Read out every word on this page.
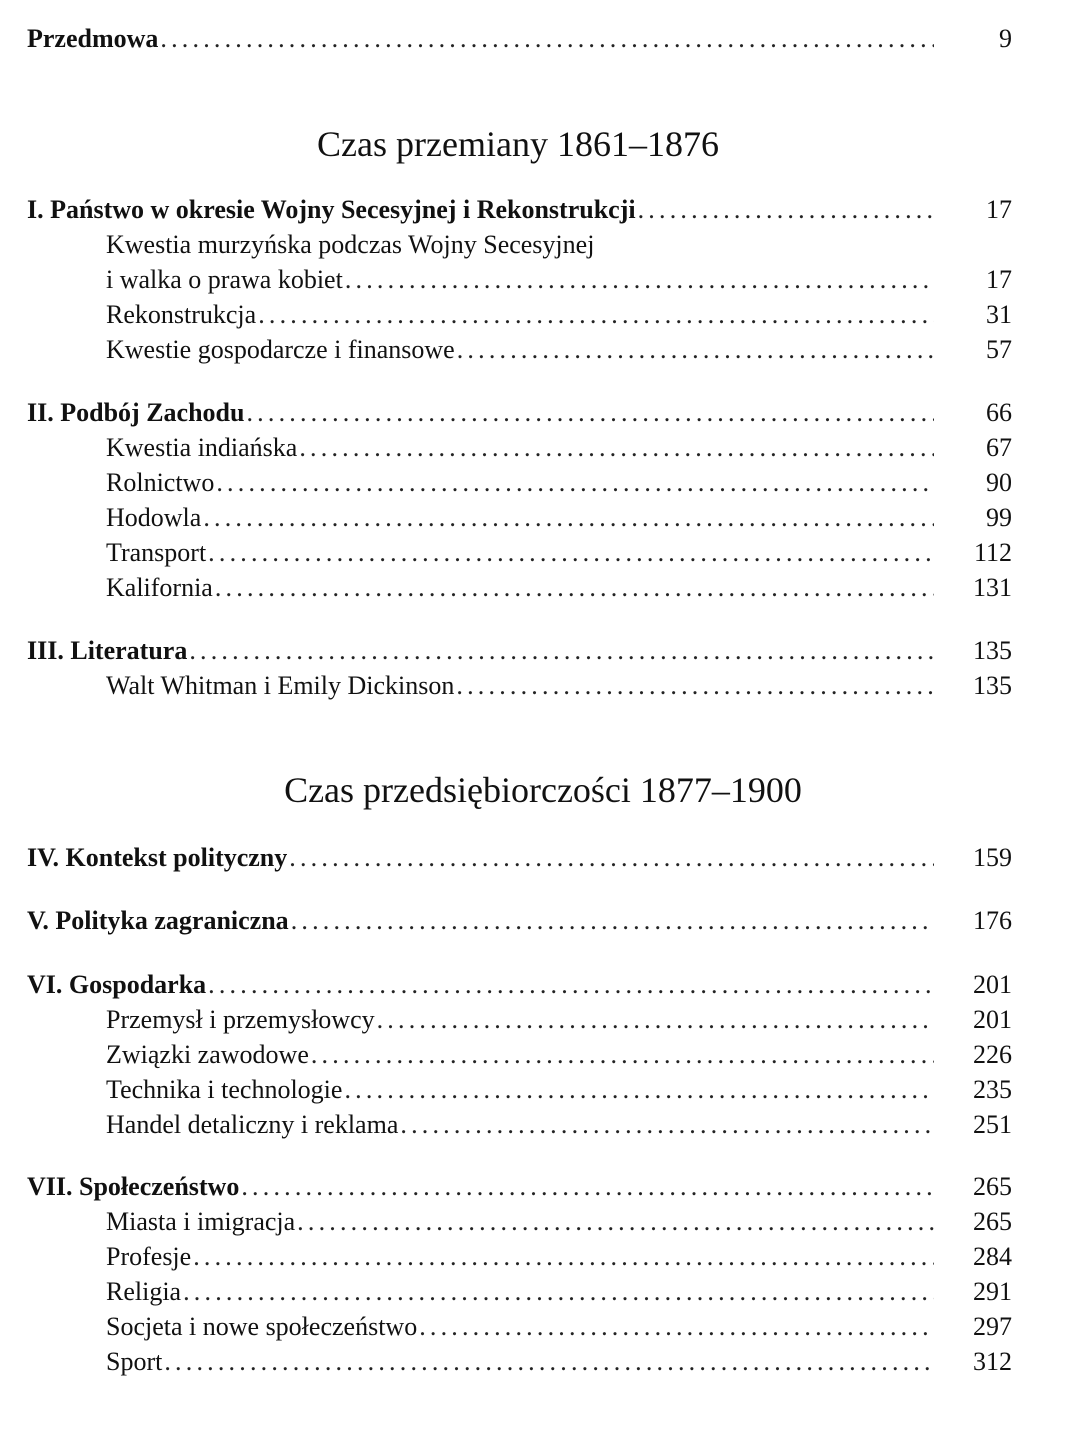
Przedmowa .....	9
Czas przemiany 1861–1876
I. Państwo w okresie Wojny Secesyjnej i Rekonstrukcji .....	17
Kwestia murzyńska podczas Wojny Secesyjnej
i walka o prawa kobiet .....	17
Rekonstrukcja .....	31
Kwestie gospodarcze i finansowe .....	57
II. Podbój Zachodu .....	66
Kwestia indiańska .....	67
Rolnictwo .....	90
Hodowla .....	99
Transport .....	112
Kalifornia .....	131
III. Literatura .....	135
Walt Whitman i Emily Dickinson .....	135
Czas przedsiębiorczości 1877–1900
IV. Kontekst polityczny .....	159
V. Polityka zagraniczna .....	176
VI. Gospodarka .....	201
Przemysł i przemysłowcy .....	201
Związki zawodowe .....	226
Technika i technologie .....	235
Handel detaliczny i reklama .....	251
VII. Społeczeństwo .....	265
Miasta i imigracja .....	265
Profesje .....	284
Religia .....	291
Socjeta i nowe społeczeństwo .....	297
Sport .....	312
